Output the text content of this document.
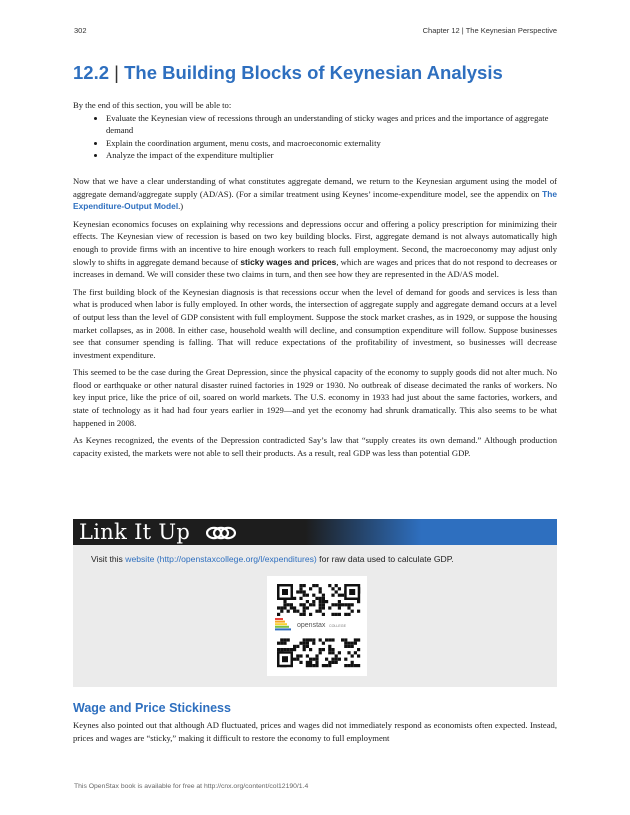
302	Chapter 12 | The Keynesian Perspective
12.2 | The Building Blocks of Keynesian Analysis

By the end of this section, you will be able to:

• Evaluate the Keynesian view of recessions through an understanding of sticky wages and prices and the importance of aggregate demand
• Explain the coordination argument, menu costs, and macroeconomic externality
• Analyze the impact of the expenditure multiplier

Now that we have a clear understanding of what constitutes aggregate demand, we return to the Keynesian argument using the model of aggregate demand/aggregate supply (AD/AS). (For a similar treatment using Keynes’ income-expenditure model, see the appendix on The Expenditure-Output Model.)

Keynesian economics focuses on explaining why recessions and depressions occur and offering a policy prescription for minimizing their effects. The Keynesian view of recession is based on two key building blocks. First, aggregate demand is not always automatically high enough to provide firms with an incentive to hire enough workers to reach full employment. Second, the macroeconomy may adjust only slowly to shifts in aggregate demand because of sticky wages and prices, which are wages and prices that do not respond to decreases or increases in demand. We will consider these two claims in turn, and then see how they are represented in the AD/AS model.

The first building block of the Keynesian diagnosis is that recessions occur when the level of demand for goods and services is less than what is produced when labor is fully employed. In other words, the intersection of aggregate supply and aggregate demand occurs at a level of output less than the level of GDP consistent with full employment. Suppose the stock market crashes, as in 1929, or suppose the housing market collapses, as in 2008. In either case, household wealth will decline, and consumption expenditure will follow. Suppose businesses see that consumer spending is falling. That will reduce expectations of the profitability of investment, so businesses will decrease investment expenditure.

This seemed to be the case during the Great Depression, since the physical capacity of the economy to supply goods did not alter much. No flood or earthquake or other natural disaster ruined factories in 1929 or 1930. No outbreak of disease decimated the ranks of workers. No key input price, like the price of oil, soared on world markets. The U.S. economy in 1933 had just about the same factories, workers, and state of technology as it had had four years earlier in 1929—and yet the economy had shrunk dramatically. This also seems to be what happened in 2008.

As Keynes recognized, the events of the Depression contradicted Say’s law that “supply creates its own demand.” Although production capacity existed, the markets were not able to sell their products. As a result, real GDP was less than potential GDP.

Link It Up
Visit this website (http://openstaxcollege.org/l/expenditures) for raw data used to calculate GDP.
openstax COLLEGE
Wage and Price Stickiness

Keynes also pointed out that although AD fluctuated, prices and wages did not immediately respond as economists often expected. Instead, prices and wages are “sticky,” making it difficult to restore the economy to full employment

This OpenStax book is available for free at http://cnx.org/content/col12190/1.4
